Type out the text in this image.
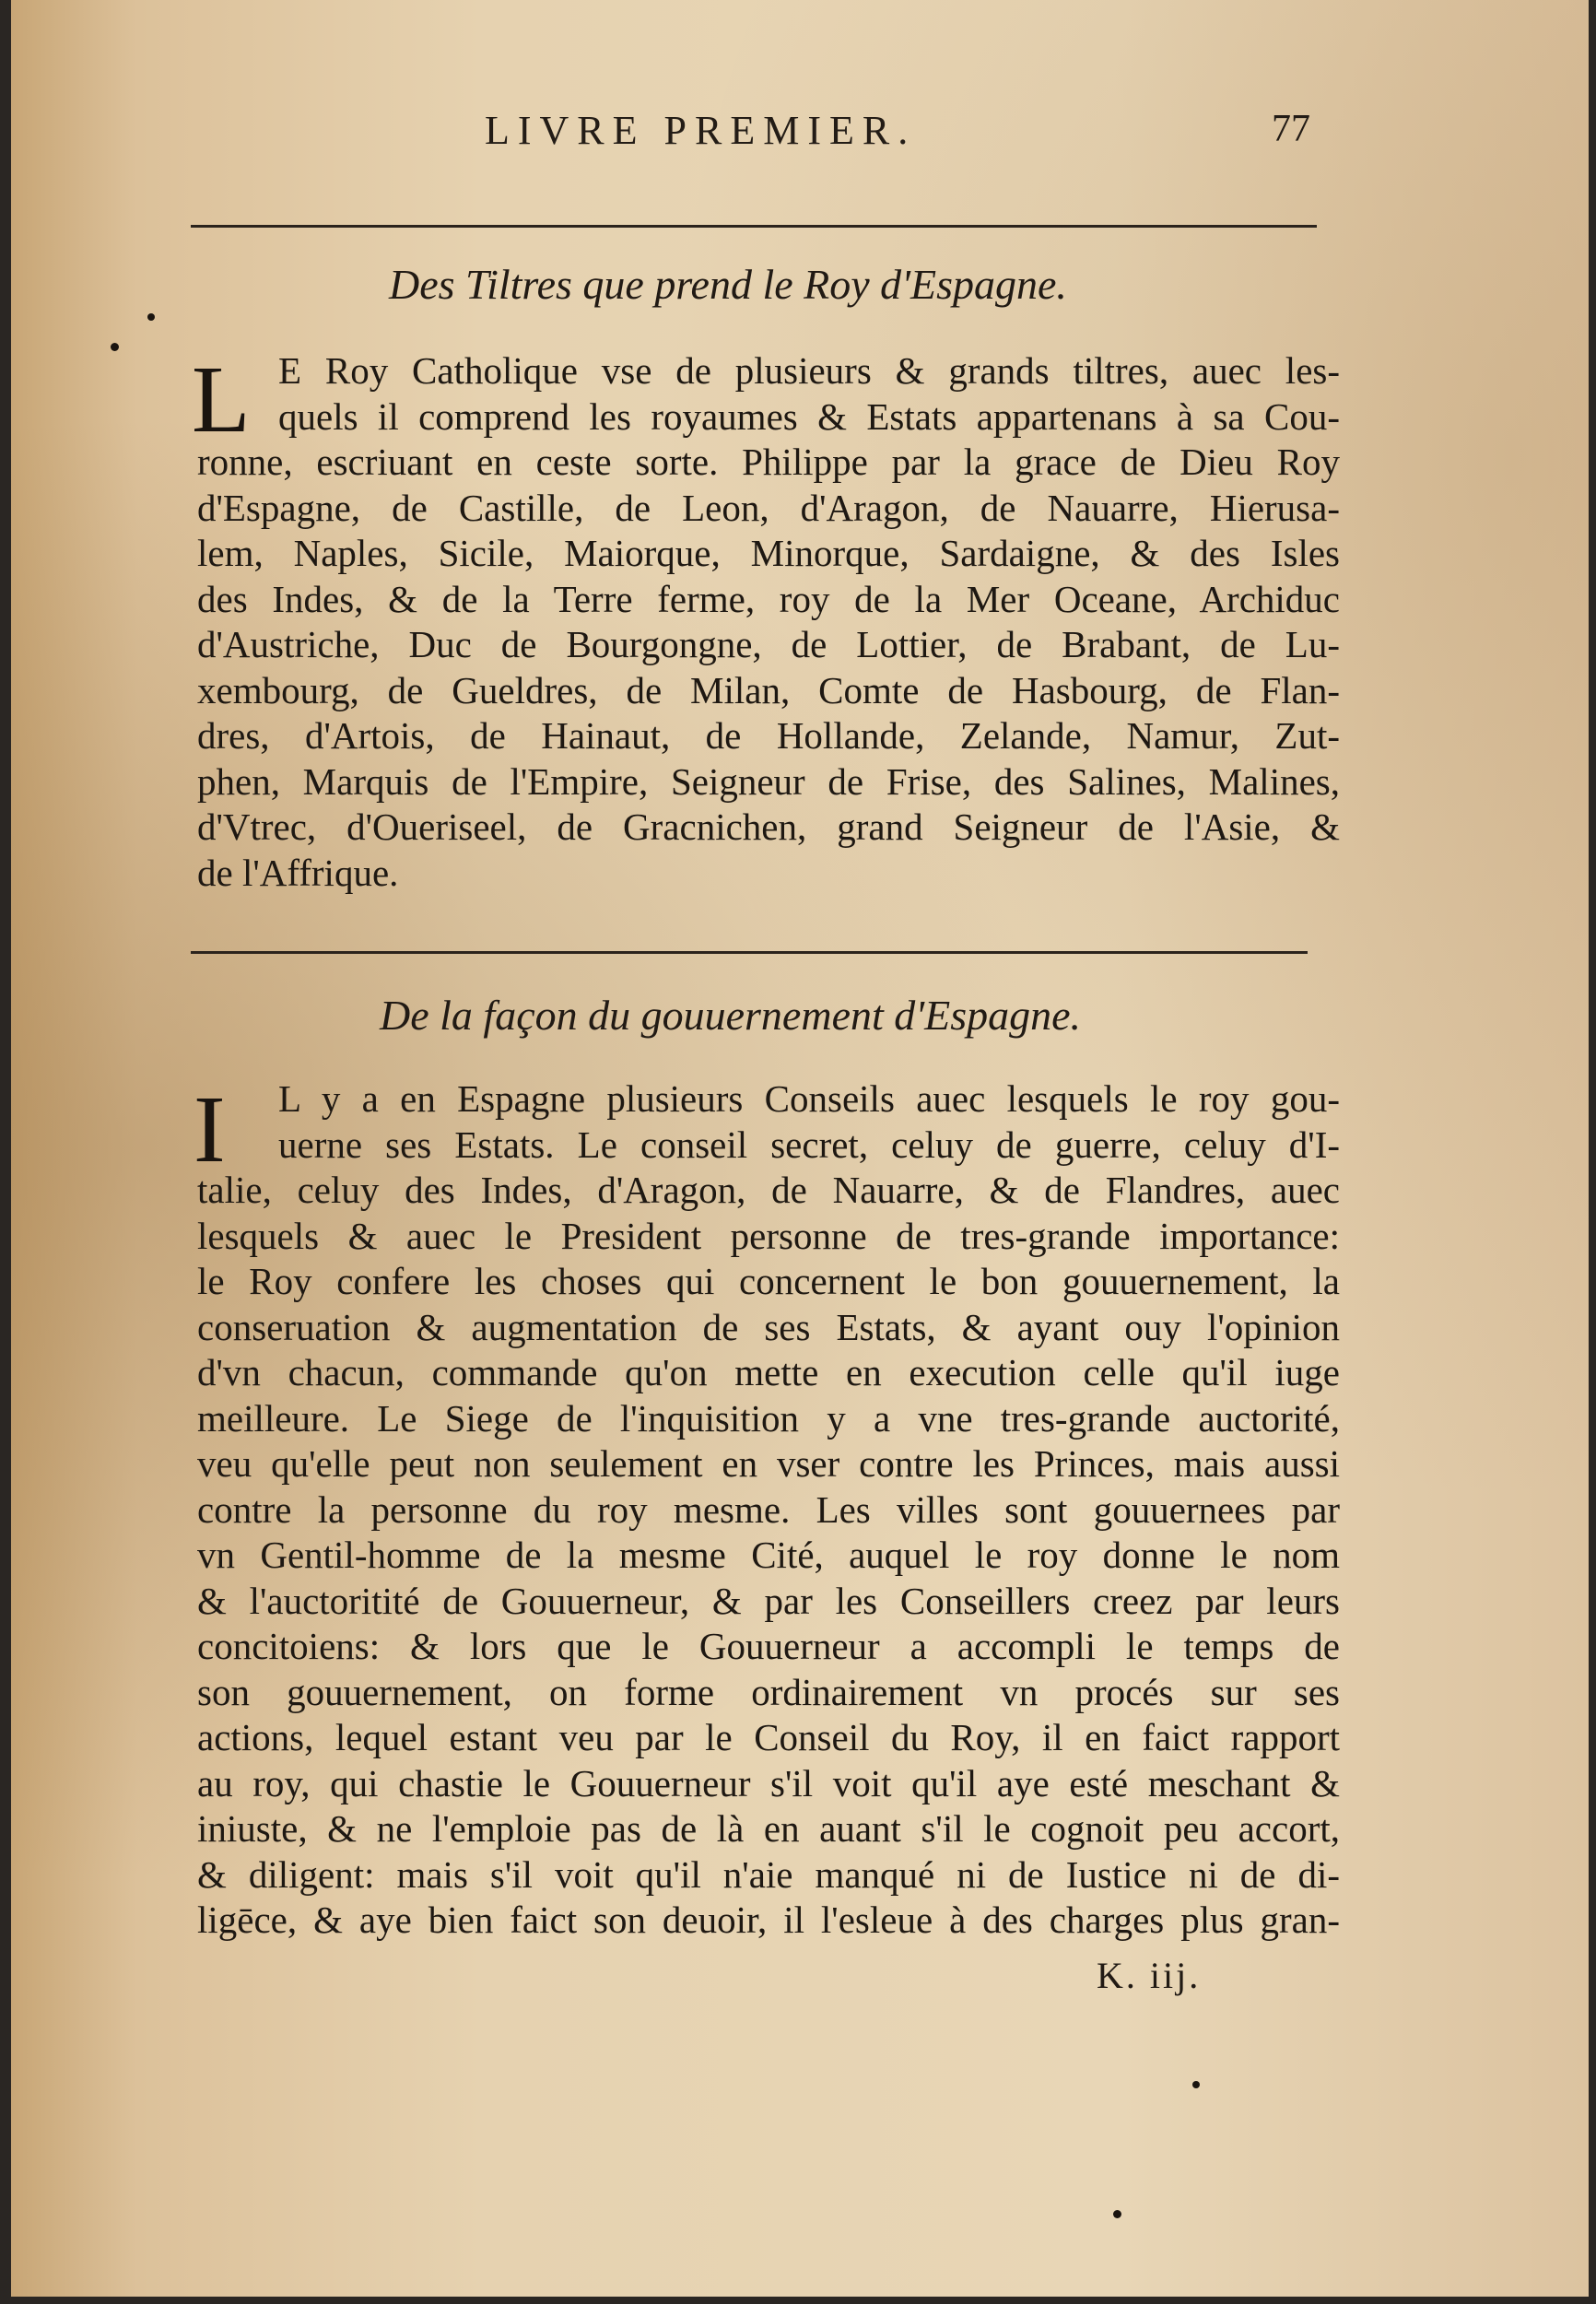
LIVRE PREMIER.	77
Des Tiltres que prend le Roy d'Espagne.
L E Roy Catholique vse de plusieurs & grands tiltres, auec les-
quels il comprend les royaumes & Estats appartenans à sa Cou-
ronne, escriuant en ceste sorte. Philippe par la grace de Dieu Roy
d'Espagne, de Castille, de Leon, d'Aragon, de Nauarre, Hierusa-
lem, Naples, Sicile, Maiorque, Minorque, Sardaigne, & des Isles
des Indes, & de la Terre ferme, roy de la Mer Oceane, Archiduc
d'Austriche, Duc de Bourgongne, de Lottier, de Brabant, de Lu-
xembourg, de Gueldres, de Milan, Comte de Hasbourg, de Flan-
dres, d'Artois, de Hainaut, de Hollande, Zelande, Namur, Zut-
phen, Marquis de l'Empire, Seigneur de Frise, des Salines, Malines,
d'Vtrec, d'Oueriseel, de Gracnichen, grand Seigneur de l'Asie, &
de l'Affrique.
De la façon du gouuernement d'Espagne.
I	L y a en Espagne plusieurs Conseils auec lesquels le roy gou-
uerne ses Estats. Le conseil secret, celuy de guerre, celuy d'I-
talie, celuy des Indes, d'Aragon, de Nauarre, & de Flandres, auec
lesquels & auec le President personne de tres-grande importance:
le Roy confere les choses qui concernent le bon gouuernement, la
conseruation & augmentation de ses Estats, & ayant ouy l'opinion
d'vn chacun, commande qu'on mette en execution celle qu'il iuge
meilleure. Le Siege de l'inquisition y a vne tres-grande auctorité,
veu qu'elle peut non seulement en vser contre les Princes, mais aussi
contre la personne du roy mesme. Les villes sont gouuernees par
vn Gentil-homme de la mesme Cité, auquel le roy donne le nom
& l'auctoritité de Gouuerneur, & par les Conseillers creez par leurs
concitoiens: & lors que le Gouuerneur a accompli le temps de
son gouuernement, on forme ordinairement vn procés sur ses
actions, lequel estant veu par le Conseil du Roy, il en faict rapport
au roy, qui chastie le Gouuerneur s'il voit qu'il aye esté meschant &
iniuste, & ne l'emploie pas de là en auant s'il le cognoit peu accort,
& diligent: mais s'il voit qu'il n'aie manqué ni de Iustice ni de di-
ligēce, & aye bien faict son deuoir, il l'esleue à des charges plus gran-
K. iij.
